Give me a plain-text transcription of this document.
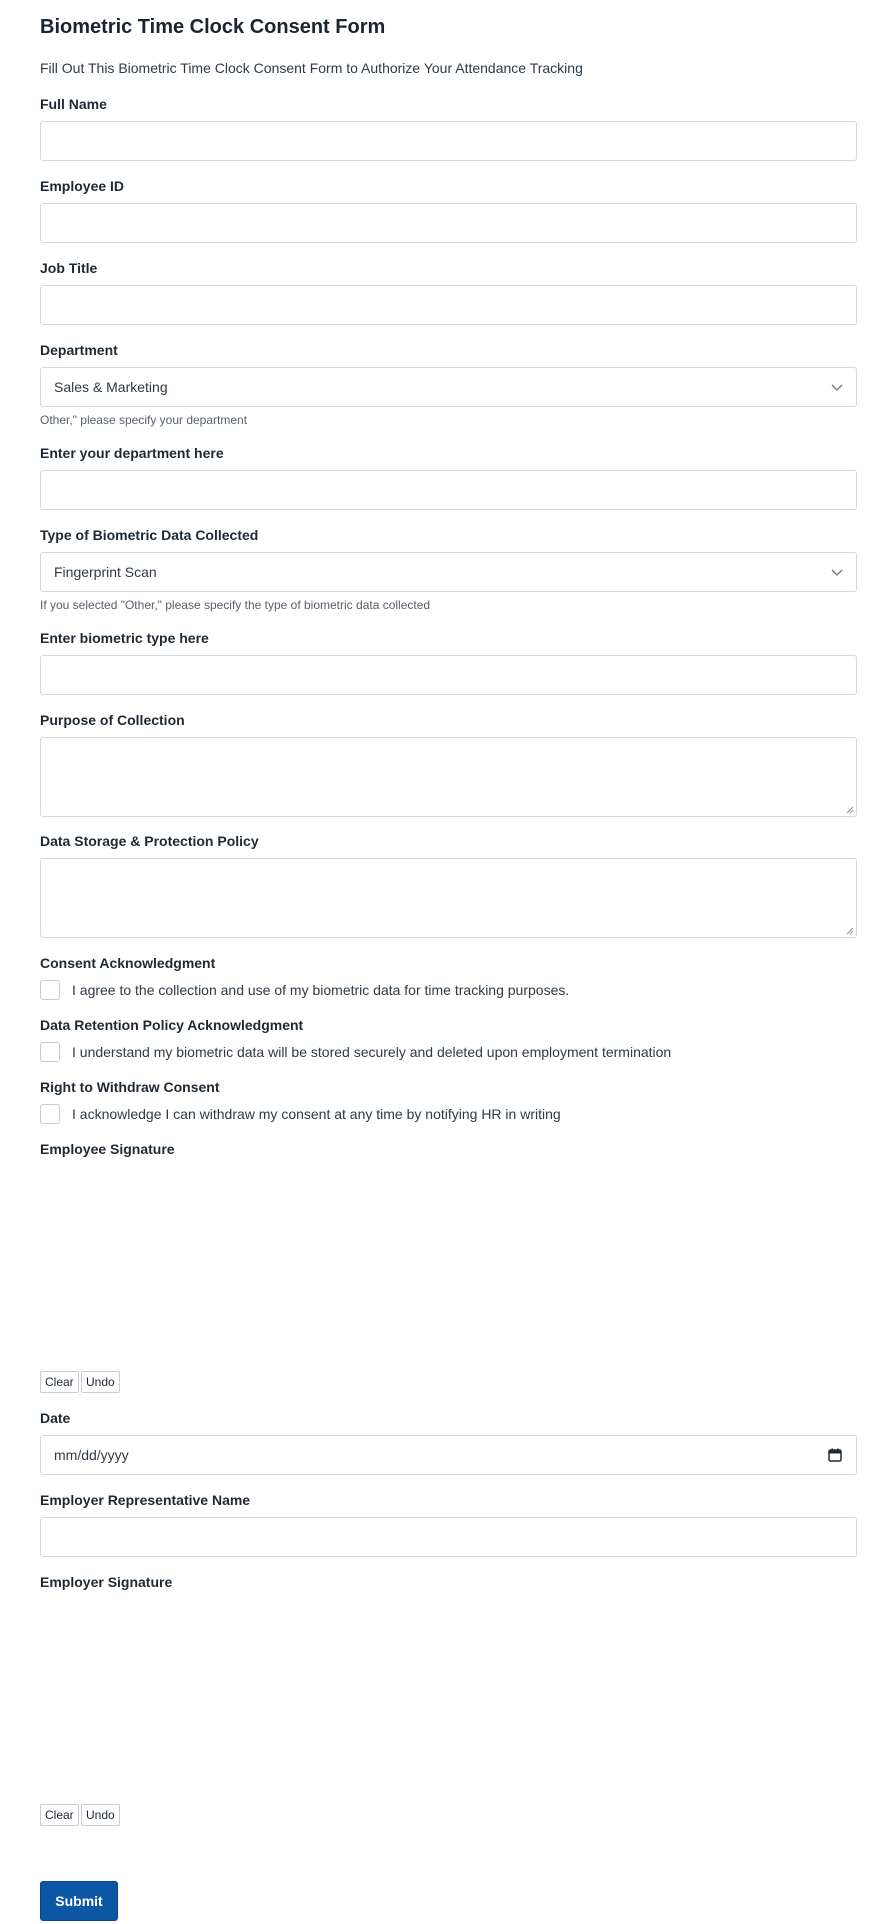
Biometric Time Clock Consent Form
Fill Out This Biometric Time Clock Consent Form to Authorize Your Attendance Tracking
Full Name
Employee ID
Job Title
Department
Sales & Marketing
Other," please specify your department
Enter your department here
Type of Biometric Data Collected
Fingerprint Scan
If you selected "Other," please specify the type of biometric data collected
Enter biometric type here
Purpose of Collection
Data Storage & Protection Policy
Consent Acknowledgment
I agree to the collection and use of my biometric data for time tracking purposes.
Data Retention Policy Acknowledgment
I understand my biometric data will be stored securely and deleted upon employment termination
Right to Withdraw Consent
I acknowledge I can withdraw my consent at any time by notifying HR in writing
Employee Signature
Clear	Undo
Date
mm/dd/yyyy
Employer Representative Name
Employer Signature
Clear	Undo
Submit
